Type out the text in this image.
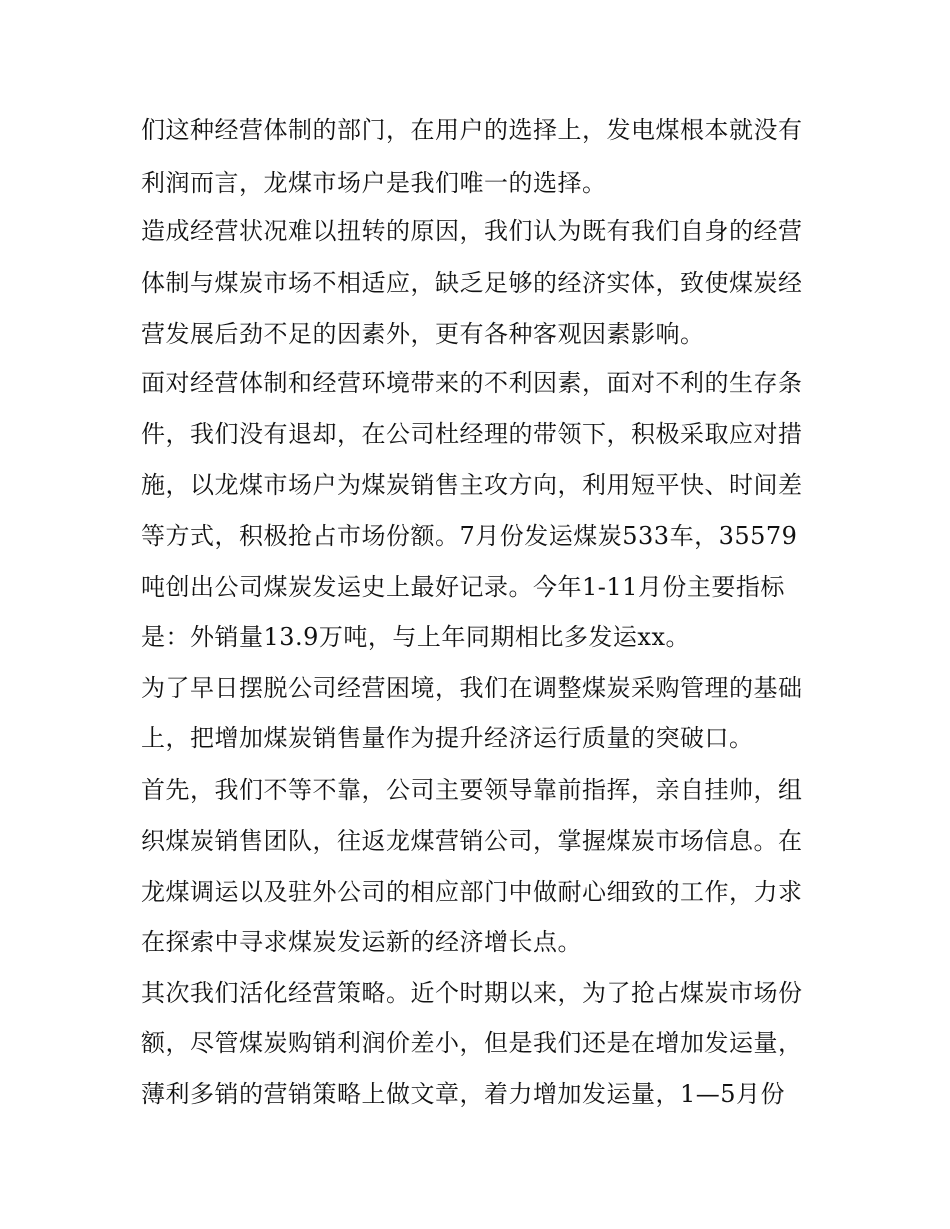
们这种经营体制的部门，在用户的选择上，发电煤根本就没有
利润而言，龙煤市场户是我们唯一的选择。
造成经营状况难以扭转的原因，我们认为既有我们自身的经营
体制与煤炭市场不相适应，缺乏足够的经济实体，致使煤炭经
营发展后劲不足的因素外，更有各种客观因素影响。
面对经营体制和经营环境带来的不利因素，面对不利的生存条
件，我们没有退却，在公司杜经理的带领下，积极采取应对措
施，以龙煤市场户为煤炭销售主攻方向，利用短平快、时间差
等方式，积极抢占市场份额。7月份发运煤炭533车，35579
吨创出公司煤炭发运史上最好记录。今年1-11月份主要指标
是：外销量13.9万吨，与上年同期相比多发运xx。
为了早日摆脱公司经营困境，我们在调整煤炭采购管理的基础
上，把增加煤炭销售量作为提升经济运行质量的突破口。
首先，我们不等不靠，公司主要领导靠前指挥，亲自挂帅，组
织煤炭销售团队，往返龙煤营销公司，掌握煤炭市场信息。在
龙煤调运以及驻外公司的相应部门中做耐心细致的工作，力求
在探索中寻求煤炭发运新的经济增长点。
其次我们活化经营策略。近个时期以来，为了抢占煤炭市场份
额，尽管煤炭购销利润价差小，但是我们还是在增加发运量，
薄利多销的营销策略上做文章，着力增加发运量，1—5月份
